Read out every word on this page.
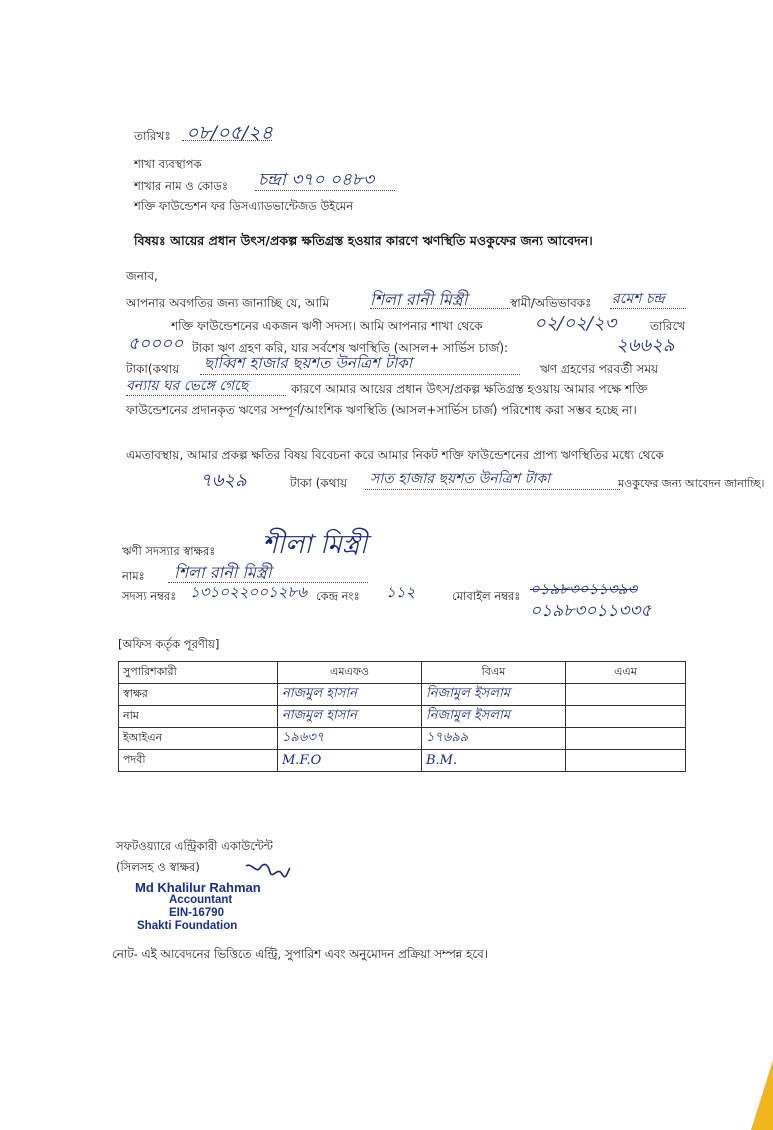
তারিখঃ ০৮/০৫/২৪
শাখা ব্যবস্থাপক
শাখার নাম ও কোডঃ চন্দ্রা ৩৭০ ০৪৮৩
শক্তি ফাউন্ডেশন ফর ডিসএ্যাডভান্টেজড উইমেন
বিষয়ঃ আয়ের প্রধান উৎস/প্রকল্প ক্ষতিগ্রস্ত হওয়ার কারণে ঋণস্থিতি মওকুফের জন্য আবেদন।
জনাব,
আপনার অবগতির জন্য জানাচ্ছি যে, আমি	শিলা রানী মিস্ত্রী	স্বামী/অভিভাবকঃ রমেশ চন্দ্র
শক্তি ফাউন্ডেশনের একজন ঋণী সদস্য। আমি আপনার শাখা থেকে	০২/০২/২৩	তারিখে
৫০০০০ টাকা ঋণ গ্রহণ করি, যার সর্বশেষ ঋণস্থিতি (আসল+ সার্ভিস চার্জ):	২৬৬২৯
টাকা(কথায় ছাব্বিশ হাজার ছয়শত উনত্রিশ টাকা	ঋণ গ্রহণের পরবর্তী সময়
বন্যায় ঘর ভেঙ্গে গেছে	কারণে আমার আয়ের প্রধান উৎস/প্রকল্প ক্ষতিগ্রস্ত হওয়ায় আমার পক্ষে শক্তি ফাউন্ডেশনের প্রদানকৃত ঋণের সম্পূর্ণ/আংশিক ঋণস্থিতি (আসল+সার্ভিস চার্জ) পরিশোধ করা সম্ভব হচ্ছে না।
এমতাবস্থায়, আমার প্রকল্প ক্ষতির বিষয় বিবেচনা করে আমার নিকট শক্তি ফাউন্ডেশনের প্রাপ্য ঋণস্থিতির মধ্যে থেকে
৭৬২৯	টাকা (কথায় সাত হাজার ছয়শত উনত্রিশ টাকা	মওকুফের জন্য আবেদন জানাচ্ছি।
ঋণী সদস্যার স্বাক্ষরঃ শীলা মিস্ত্রী
নামঃ শিলা রানী মিস্ত্রী
সদস্য নম্বরঃ ১৩১০২২০০১২৮৬ কেন্দ্র নংঃ ১১২	মোবাইল নম্বরঃ ০১৯৮৩০১১৩৯৩
০১৯৮৩০১১৩৩৫
[অফিস কর্তৃক পূরণীয়]
সুপারিশকারী	এমএফও	বিএম	এএম
স্বাক্ষর	নাজমুল হাসান	নিজামুল ইসলাম	
নাম	নাজমুল হাসান	নিজামুল ইসলাম	
ইআইএন	১৯৬৩৭	১৭৬৯৯	
পদবী	M.F.O	B.M.	
সফটওয়্যারে এন্ট্রিকারী একাউন্টেন্ট
(সিলসহ ও স্বাক্ষর)
Md Khalilur Rahman
Accountant
EIN-16790
Shakti Foundation
নোট- এই আবেদনের ভিত্তিতে এন্ট্রি, সুপারিশ এবং অনুমোদন প্রক্রিয়া সম্পন্ন হবে।
